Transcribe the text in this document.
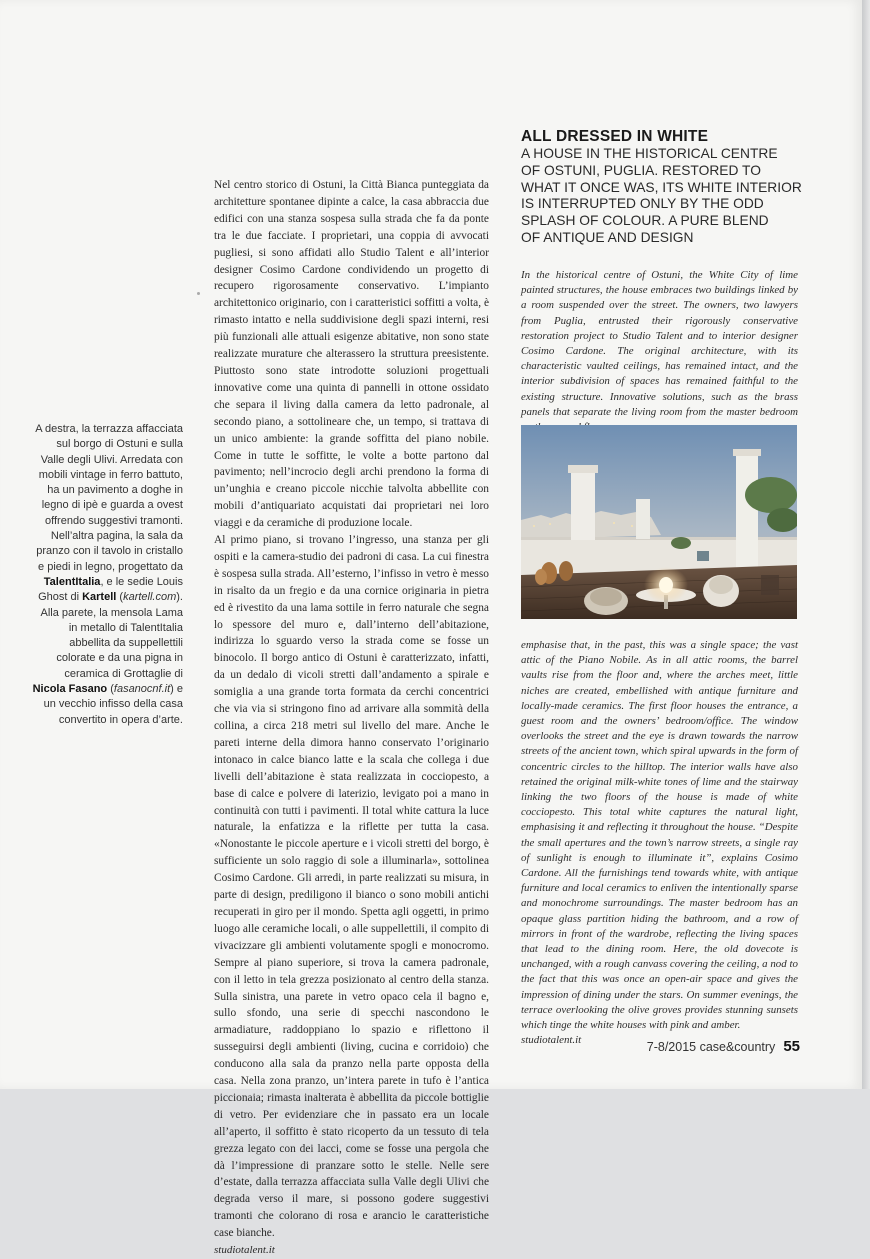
A destra, la terrazza affacciata sul borgo di Ostuni e sulla Valle degli Ulivi. Arredata con mobili vintage in ferro battuto, ha un pavimento a doghe in legno di ipè e guarda a ovest offrendo suggestivi tramonti. Nell’altra pagina, la sala da pranzo con il tavolo in cristallo e piedi in legno, progettato da TalentItalia, e le sedie Louis Ghost di Kartell (kartell.com). Alla parete, la mensola Lama in metallo di TalentItalia abbellita da suppellettili colorate e da una pigna in ceramica di Grottaglie di Nicola Fasano (fasanocnf.it) e un vecchio infisso della casa convertito in opera d’arte.

Nel centro storico di Ostuni, la Città Bianca punteggiata da architetture spontanee dipinte a calce, la casa abbraccia due edifici con una stanza sospesa sulla strada che fa da ponte tra le due facciate. I proprietari, una coppia di avvocati pugliesi, si sono affidati allo Studio Talent e all’interior designer Cosimo Cardone condividendo un progetto di recupero rigorosamente conservativo. L’impianto architettonico originario, con i caratteristici soffitti a volta, è rimasto intatto e nella suddivisione degli spazi interni, resi più funzionali alle attuali esigenze abitative, non sono state realizzate murature che alterassero la struttura preesistente. Piuttosto sono state introdotte soluzioni progettuali innovative come una quinta di pannelli in ottone ossidato che separa il living dalla camera da letto padronale, al secondo piano, a sottolineare che, un tempo, si trattava di un unico ambiente: la grande soffitta del piano nobile. Come in tutte le soffitte, le volte a botte partono dal pavimento; nell’incrocio degli archi prendono la forma di un’unghia e creano piccole nicchie talvolta abbellite con mobili d’antiquariato acquistati dai proprietari nei loro viaggi e da ceramiche di produzione locale.

Al primo piano, si trovano l’ingresso, una stanza per gli ospiti e la camera-studio dei padroni di casa. La cui finestra è sospesa sulla strada. All’esterno, l’infisso in vetro è messo in risalto da un fregio e da una cornice originaria in pietra ed è rivestito da una lama sottile in ferro naturale che segna lo spessore del muro e, dall’interno dell’abitazione, indirizza lo sguardo verso la strada come se fosse un binocolo. Il borgo antico di Ostuni è caratterizzato, infatti, da un dedalo di vicoli stretti dall’andamento a spirale e somiglia a una grande torta formata da cerchi concentrici che via via si stringono fino ad arrivare alla sommità della collina, a circa 218 metri sul livello del mare. Anche le pareti interne della dimora hanno conservato l’originario intonaco in calce bianco latte e la scala che collega i due livelli dell’abitazione è stata realizzata in cocciopesto, a base di calce e polvere di laterizio, levigato poi a mano in continuità con tutti i pavimenti. Il total white cattura la luce naturale, la enfatizza e la riflette per tutta la casa. «Nonostante le piccole aperture e i vicoli stretti del borgo, è sufficiente un solo raggio di sole a illuminarla», sottolinea Cosimo Cardone. Gli arredi, in parte realizzati su misura, in parte di design, prediligono il bianco o sono mobili antichi recuperati in giro per il mondo. Spetta agli oggetti, in primo luogo alle ceramiche locali, o alle suppellettili, il compito di vivacizzare gli ambienti volutamente spogli e monocromo. Sempre al piano superiore, si trova la camera padronale, con il letto in tela grezza posizionato al centro della stanza. Sulla sinistra, una parete in vetro opaco cela il bagno e, sullo sfondo, una serie di specchi nascondono le armadiature, raddoppiano lo spazio e riflettono il susseguirsi degli ambienti (living, cucina e corridoio) che conducono alla sala da pranzo nella parte opposta della casa. Nella zona pranzo, un’intera parete in tufo è l’antica piccionaia; rimasta inalterata è abbellita da piccole bottiglie di vetro. Per evidenziare che in passato era un locale all’aperto, il soffitto è stato ricoperto da un tessuto di tela grezza legato con dei lacci, come se fosse una pergola che dà l’impressione di pranzare sotto le stelle. Nelle sere d’estate, dalla terrazza affacciata sulla Valle degli Ulivi che degrada verso il mare, si possono godere suggestivi tramonti che colorano di rosa e arancio le caratteristiche case bianche.

studiotalent.it

ALL DRESSED IN WHITE

A HOUSE IN THE HISTORICAL CENTRE

OF OSTUNI, PUGLIA. RESTORED TO

WHAT IT ONCE WAS, ITS WHITE INTERIOR

IS INTERRUPTED ONLY BY THE ODD

SPLASH OF COLOUR. A PURE BLEND

OF ANTIQUE AND DESIGN

In the historical centre of Ostuni, the White City of lime painted structures, the house embraces two buildings linked by a room suspended over the street. The owners, two lawyers from Puglia, entrusted their rigorously conservative restoration project to Studio Talent and to interior designer Cosimo Cardone. The original architecture, with its characteristic vaulted ceilings, has remained intact, and the interior subdivision of spaces has remained faithful to the existing structure. Innovative solutions, such as the brass panels that separate the living room from the master bedroom

emphasise that, in the past, this was a single space; the vast attic of the Piano Nobile. As in all attic rooms, the barrel vaults rise from the floor and, where the arches meet, little niches are created, embellished with antique furniture and locally-made ceramics. The first floor houses the entrance, a guest room and the owners’ bedroom/office. The window overlooks the street and the eye is drawn towards the narrow streets of the ancient town, which spiral upwards in the form of concentric circles to the hilltop. The interior walls have also retained the original milk-white tones of lime and the stairway linking the two floors of the house is made of white cocciopesto. This total white captures the natural light, emphasising it and reflecting it throughout the house. “Despite the small apertures and the town’s narrow streets, a single ray of sunlight is enough to illuminate it”, explains Cosimo Cardone. All the furnishings tend towards white, with antique furniture and local ceramics to enliven the intentionally sparse and monochrome surroundings. The master bedroom has an opaque glass partition hiding the bathroom, and a row of mirrors in front of the wardrobe, reflecting the living spaces that lead to the dining room. Here, the old dovecote is unchanged, with a rough canvass covering the ceiling, a nod to the fact that this was once an open-air space and gives the impression of dining under the stars. On summer evenings, the terrace overlooking the olive groves provides stunning sunsets which tinge the white houses with pink and amber.

studiotalent.it	7-8/2015 case&country 55
